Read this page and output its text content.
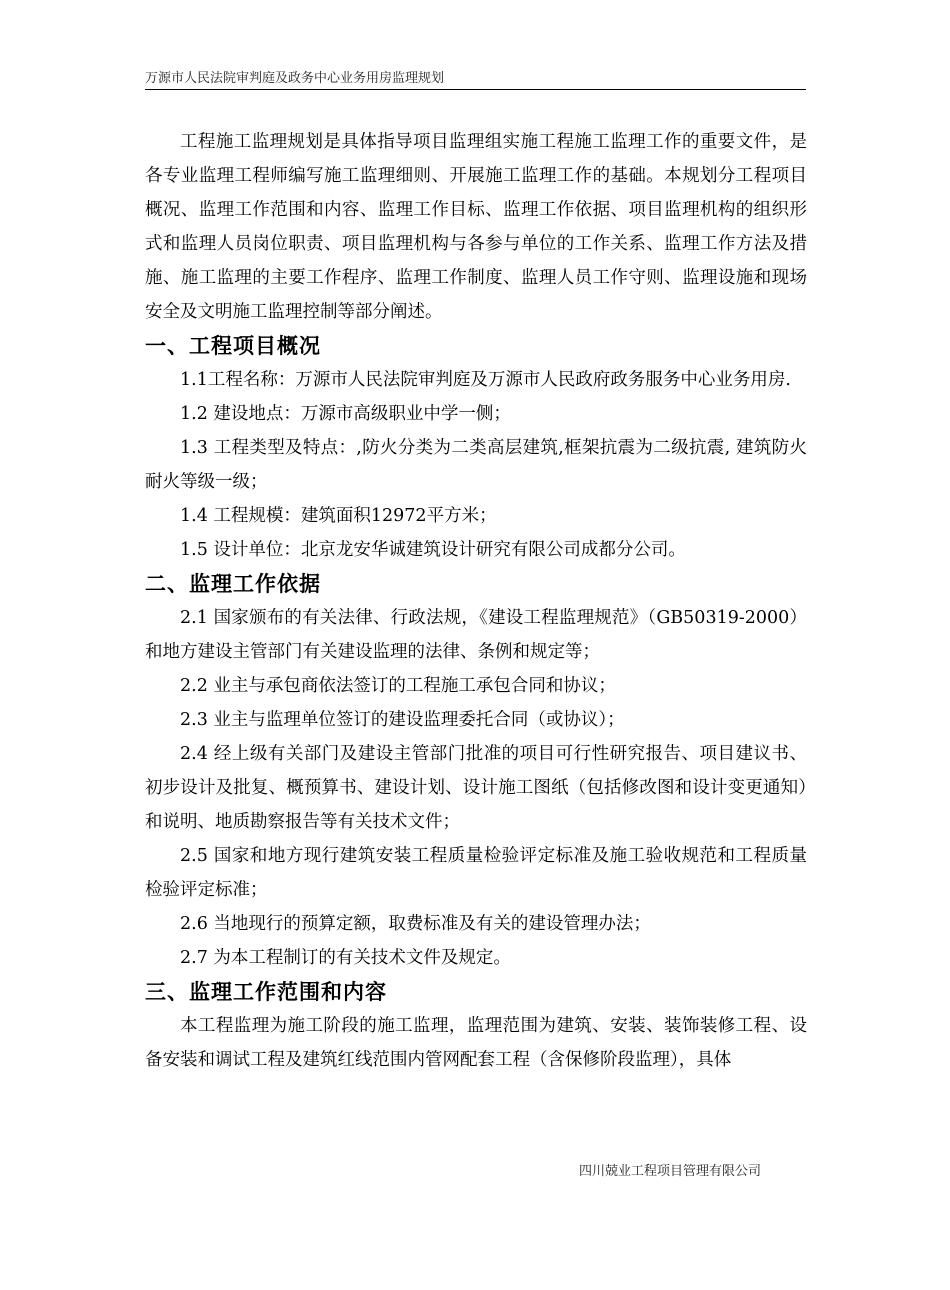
万源市人民法院审判庭及政务中心业务用房监理规划

工程施工监理规划是具体指导项目监理组实施工程施工监理工作的重要文件，是各专业监理工程师编写施工监理细则、开展施工监理工作的基础。本规划分工程项目概况、监理工作范围和内容、监理工作目标、监理工作依据、项目监理机构的组织形式和监理人员岗位职责、项目监理机构与各参与单位的工作关系、监理工作方法及措施、施工监理的主要工作程序、监理工作制度、监理人员工作守则、监理设施和现场安全及文明施工监理控制等部分阐述。

一、工程项目概况

1.1工程名称：万源市人民法院审判庭及万源市人民政府政务服务中心业务用房.

1.2 建设地点：万源市高级职业中学一侧；

1.3 工程类型及特点：,防火分类为二类高层建筑,框架抗震为二级抗震, 建筑防火耐火等级一级；

1.4 工程规模：建筑面积12972平方米；

1.5 设计单位：北京龙安华诚建筑设计研究有限公司成都分公司。

二、监理工作依据

2.1 国家颁布的有关法律、行政法规，《建设工程监理规范》（GB50319-2000）和地方建设主管部门有关建设监理的法律、条例和规定等；

2.2 业主与承包商依法签订的工程施工承包合同和协议；

2.3 业主与监理单位签订的建设监理委托合同（或协议）；

2.4 经上级有关部门及建设主管部门批准的项目可行性研究报告、项目建议书、初步设计及批复、概预算书、建设计划、设计施工图纸（包括修改图和设计变更通知）和说明、地质勘察报告等有关技术文件；

2.5 国家和地方现行建筑安装工程质量检验评定标准及施工验收规范和工程质量检验评定标准；

2.6 当地现行的预算定额，取费标准及有关的建设管理办法；

2.7 为本工程制订的有关技术文件及规定。

三、监理工作范围和内容

本工程监理为施工阶段的施工监理，监理范围为建筑、安装、装饰装修工程、设备安装和调试工程及建筑红线范围内管网配套工程（含保修阶段监理），具体

四川兢业工程项目管理有限公司
